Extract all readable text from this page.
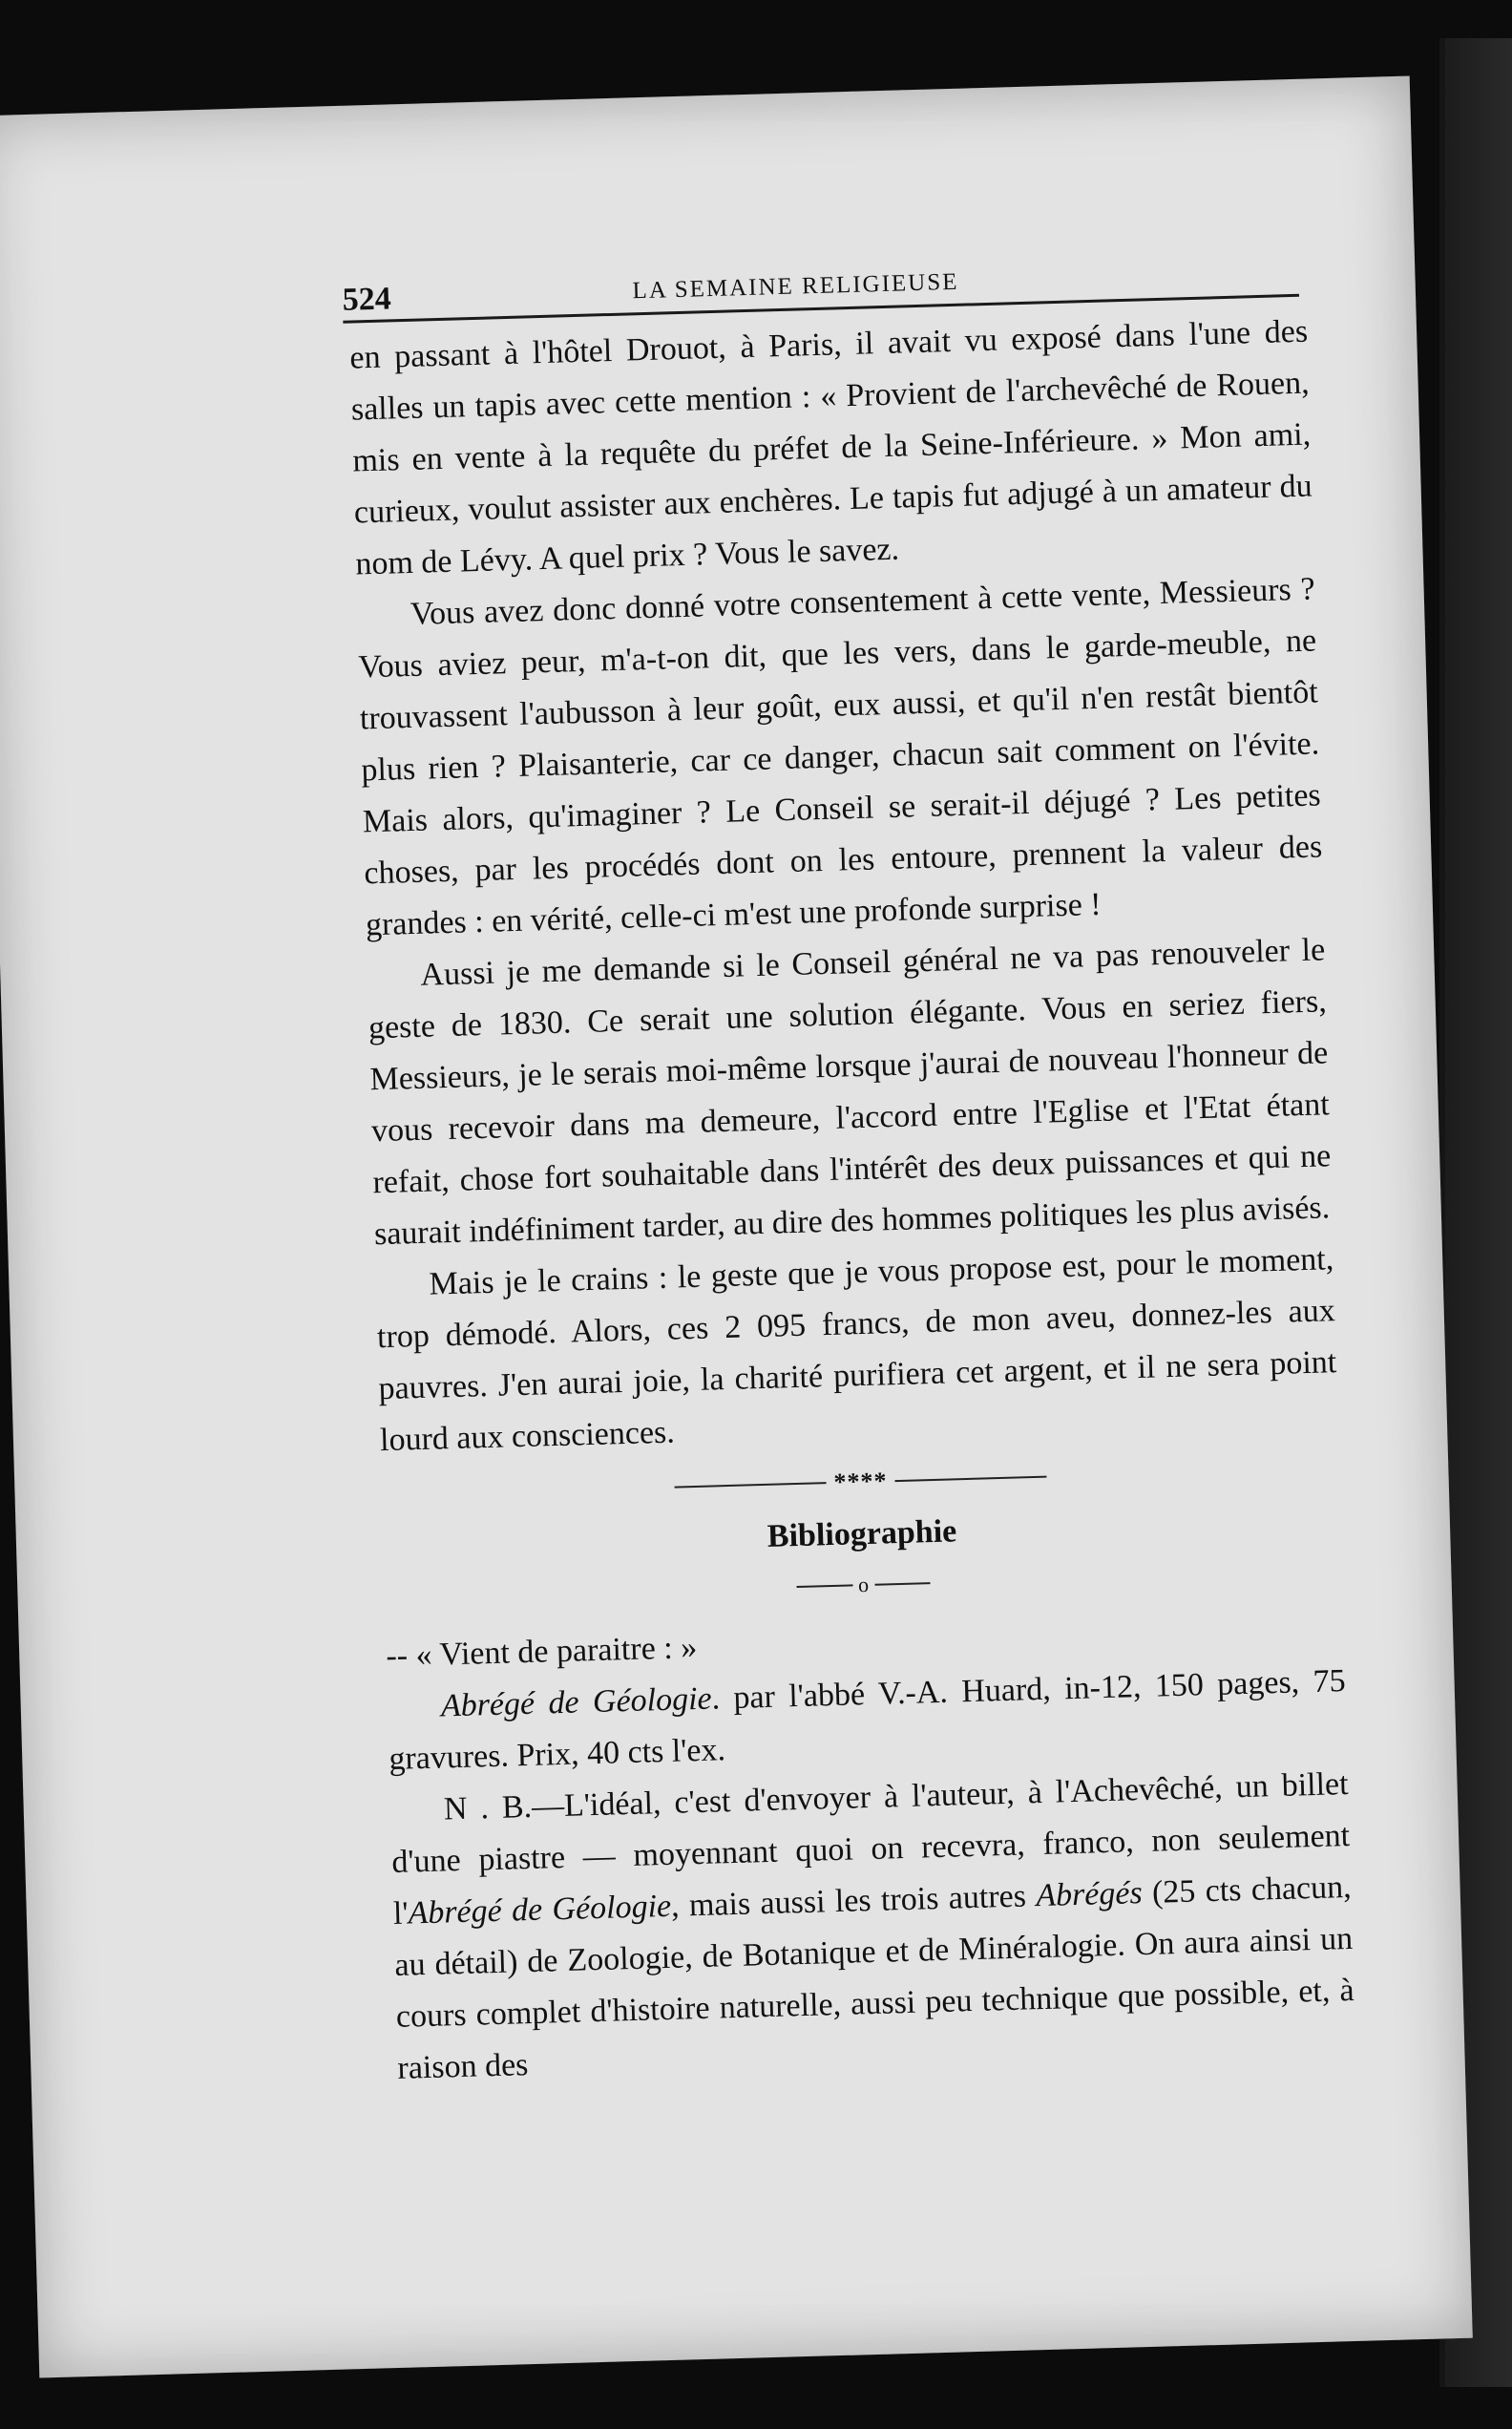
524	LA SEMAINE RELIGIEUSE

en passant à l'hôtel Drouot, à Paris, il avait vu exposé dans l'une des salles un tapis avec cette mention : « Provient de l'archevêché de Rouen, mis en vente à la requête du préfet de la Seine-Inférieure. » Mon ami, curieux, voulut assister aux enchères. Le tapis fut adjugé à un amateur du nom de Lévy. A quel prix ? Vous le savez.

Vous avez donc donné votre consentement à cette vente, Messieurs ? Vous aviez peur, m'a-t-on dit, que les vers, dans le garde-meuble, ne trouvassent l'aubusson à leur goût, eux aussi, et qu'il n'en restât bientôt plus rien ? Plaisanterie, car ce danger, chacun sait comment on l'évite. Mais alors, qu'imaginer ? Le Conseil se serait-il déjugé ? Les petites choses, par les procédés dont on les entoure, prennent la valeur des grandes : en vérité, celle-ci m'est une profonde surprise !

Aussi je me demande si le Conseil général ne va pas renouveler le geste de 1830. Ce serait une solution élégante. Vous en seriez fiers, Messieurs, je le serais moi-même lorsque j'aurai de nouveau l'honneur de vous recevoir dans ma demeure, l'accord entre l'Eglise et l'Etat étant refait, chose fort souhaitable dans l'intérêt des deux puissances et qui ne saurait indéfiniment tarder, au dire des hommes politiques les plus avisés.

Mais je le crains : le geste que je vous propose est, pour le moment, trop démodé. Alors, ces 2 095 francs, de mon aveu, donnez-les aux pauvres. J'en aurai joie, la charité purifiera cet argent, et il ne sera point lourd aux consciences.

****
Bibliographie
o

-- « Vient de paraitre : »

Abrégé de Géologie. par l'abbé V.-A. Huard, in-12, 150 pages, 75 gravures. Prix, 40 cts l'ex.

N . B.—L'idéal, c'est d'envoyer à l'auteur, à l'Achevêché, un billet d'une piastre — moyennant quoi on recevra, franco, non seulement l'Abrégé de Géologie, mais aussi les trois autres Abrégés (25 cts chacun, au détail) de Zoologie, de Botanique et de Minéralogie. On aura ainsi un cours complet d'histoire naturelle, aussi peu technique que possible, et, à raison des
